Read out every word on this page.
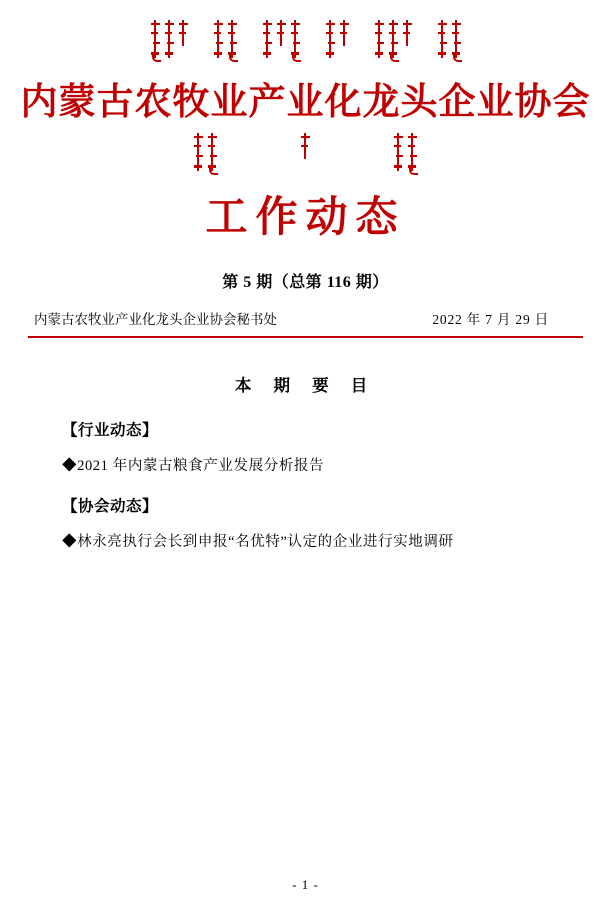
内蒙古农牧业产业化龙头企业协会
工作动态
第 5 期（总第 116 期）
内蒙古农牧业产业化龙头企业协会秘书处	2022 年 7 月 29 日
本 期 要 目
【行业动态】
◆2021 年内蒙古粮食产业发展分析报告
【协会动态】
◆林永亮执行会长到申报“名优特”认定的企业进行实地调研
- 1 -
